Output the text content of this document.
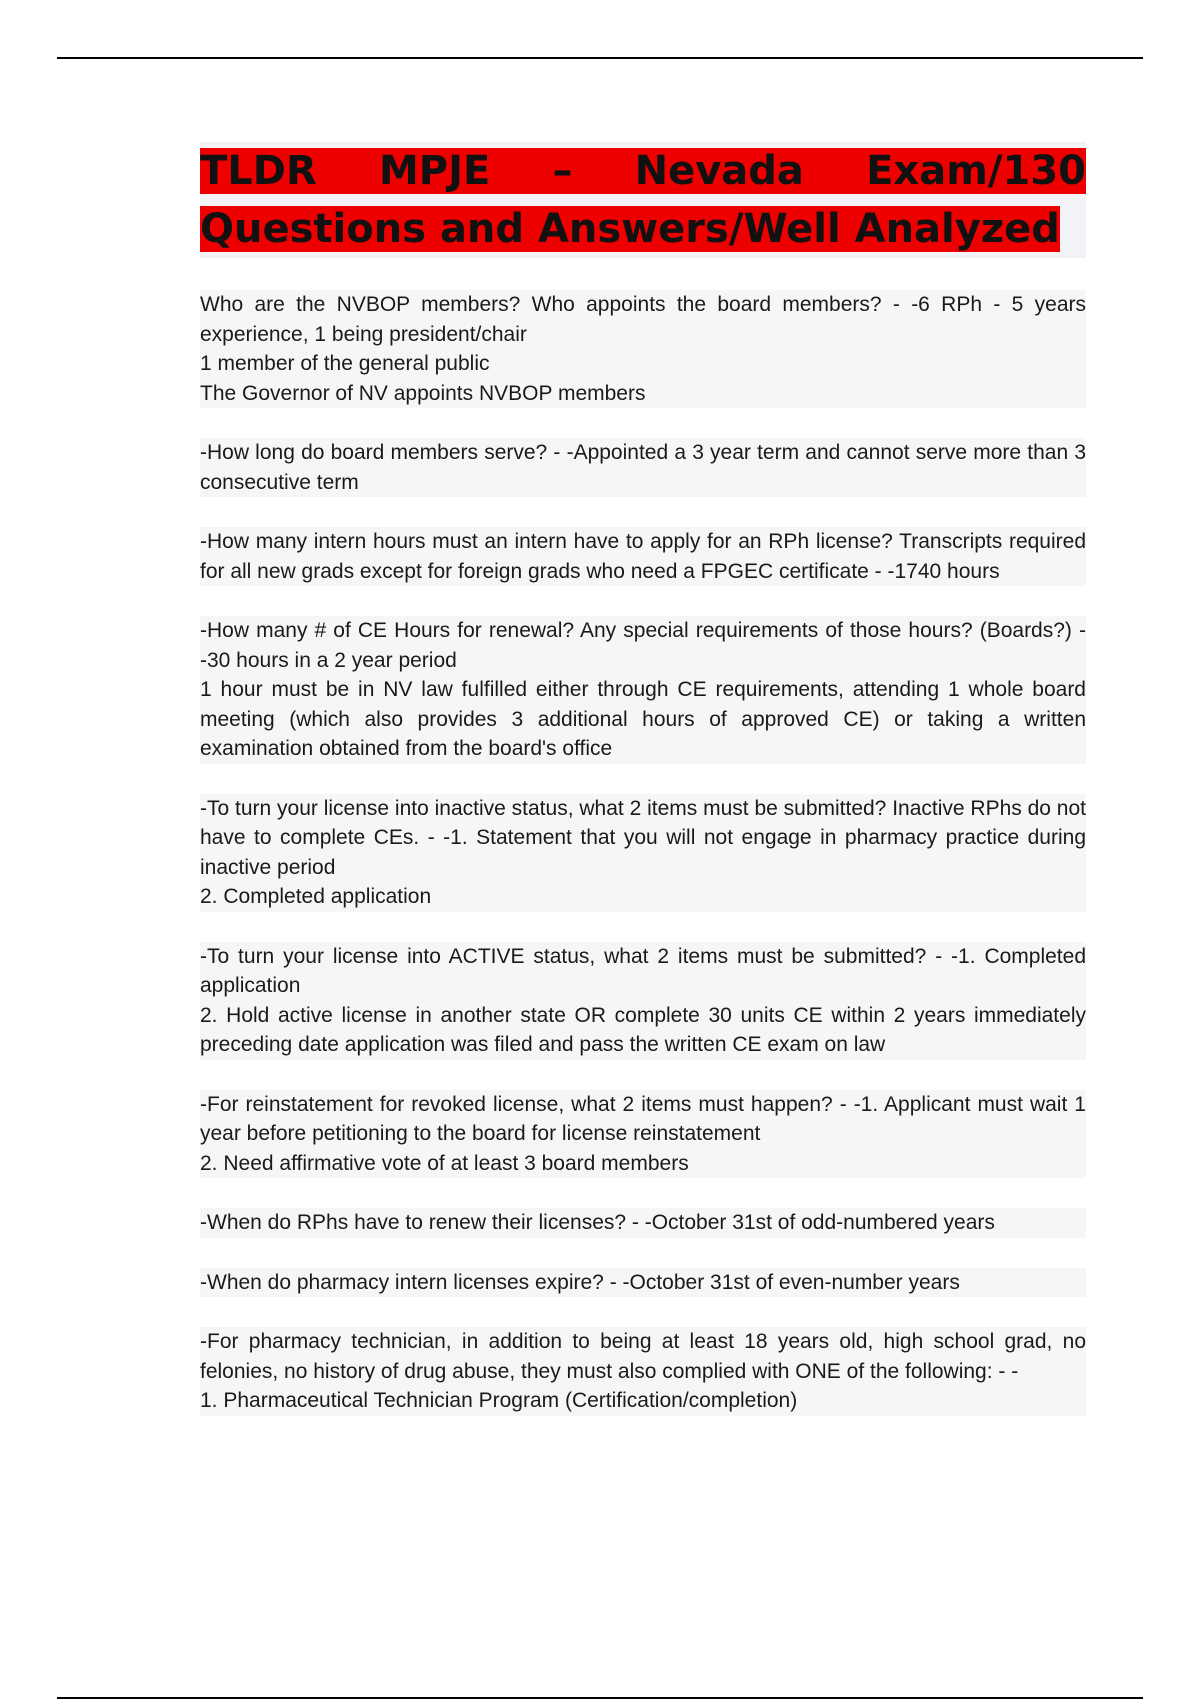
TLDR MPJE – Nevada Exam/130 Questions and Answers/Well Analyzed
Who are the NVBOP members? Who appoints the board members? - -6 RPh - 5 years experience, 1 being president/chair
1 member of the general public
The Governor of NV appoints NVBOP members
-How long do board members serve? - -Appointed a 3 year term and cannot serve more than 3 consecutive term
-How many intern hours must an intern have to apply for an RPh license? Transcripts required for all new grads except for foreign grads who need a FPGEC certificate - -1740 hours
-How many # of CE Hours for renewal? Any special requirements of those hours? (Boards?) - -30 hours in a 2 year period
1 hour must be in NV law fulfilled either through CE requirements, attending 1 whole board meeting (which also provides 3 additional hours of approved CE) or taking a written examination obtained from the board's office
-To turn your license into inactive status, what 2 items must be submitted? Inactive RPhs do not have to complete CEs. - -1. Statement that you will not engage in pharmacy practice during inactive period
2. Completed application
-To turn your license into ACTIVE status, what 2 items must be submitted? - -1. Completed application
2. Hold active license in another state OR complete 30 units CE within 2 years immediately preceding date application was filed and pass the written CE exam on law
-For reinstatement for revoked license, what 2 items must happen? - -1. Applicant must wait 1 year before petitioning to the board for license reinstatement
2. Need affirmative vote of at least 3 board members
-When do RPhs have to renew their licenses? - -October 31st of odd-numbered years
-When do pharmacy intern licenses expire? - -October 31st of even-number years
-For pharmacy technician, in addition to being at least 18 years old, high school grad, no felonies, no history of drug abuse, they must also complied with ONE of the following: - -
1. Pharmaceutical Technician Program (Certification/completion)
